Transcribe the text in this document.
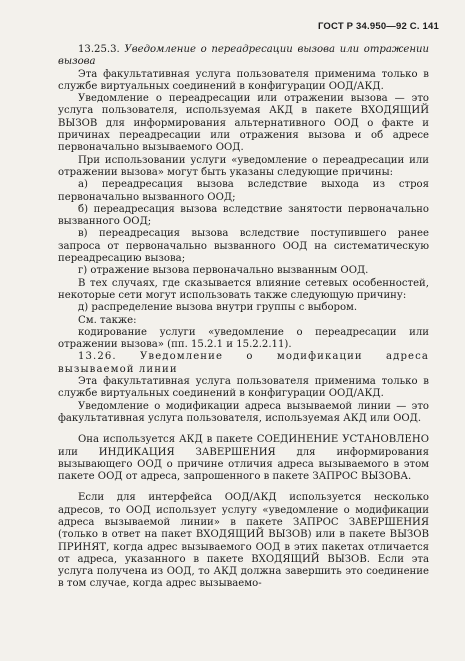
ГОСТ Р 34.950—92 С. 141

13.25.3. Уведомление о переадресации вызова или отражении вызова

Эта факультативная услуга пользователя применима только в службе виртуальных соединений в конфигурации ООД/АКД.

Уведомление о переадресации или отражении вызова — это услуга пользователя, используемая АКД в пакете ВХОДЯЩИЙ ВЫЗОВ для информирования альтернативного ООД о факте и причинах переадресации или отражения вызова и об адресе первоначально вызываемого ООД.

При использовании услуги «уведомление о переадресации или отражении вызова» могут быть указаны следующие причины:

а) переадресация вызова вследствие выхода из строя первоначально вызванного ООД;

б) переадресация вызова вследствие занятости первоначально вызванного ООД;

в) переадресация вызова вследствие поступившего ранее запроса от первоначально вызванного ООД на систематическую переадресацию вызова;

г) отражение вызова первоначально вызванным ООД.

В тех случаях, где сказывается влияние сетевых особенностей, некоторые сети могут использовать также следующую причину:

д) распределение вызова внутри группы с выбором.

См. также:

кодирование услуги «уведомление о переадресации или отражении вызова» (пп. 15.2.1 и 15.2.2.11).

13.26. Уведомление о модификации адреса вызываемой линии

Эта факультативная услуга пользователя применима только в службе виртуальных соединений в конфигурации ООД/АКД.

Уведомление о модификации адреса вызываемой линии — это факультативная услуга пользователя, используемая АКД или ООД.

Она используется АКД в пакете СОЕДИНЕНИЕ УСТАНОВЛЕНО или ИНДИКАЦИЯ ЗАВЕРШЕНИЯ для информирования вызывающего ООД о причине отличия адреса вызываемого в этом пакете ООД от адреса, запрошенного в пакете ЗАПРОС ВЫЗОВА.

Если для интерфейса ООД/АКД используется несколько адресов, то ООД использует услугу «уведомление о модификации адреса вызываемой линии» в пакете ЗАПРОС ЗАВЕРШЕНИЯ (только в ответ на пакет ВХОДЯЩИЙ ВЫЗОВ) или в пакете ВЫЗОВ ПРИНЯТ, когда адрес вызываемого ООД в этих пакетах отличается от адреса, указанного в пакете ВХОДЯЩИЙ ВЫЗОВ. Если эта услуга получена из ООД, то АКД должна завершить это соединение в том случае, когда адрес вызываемо-
